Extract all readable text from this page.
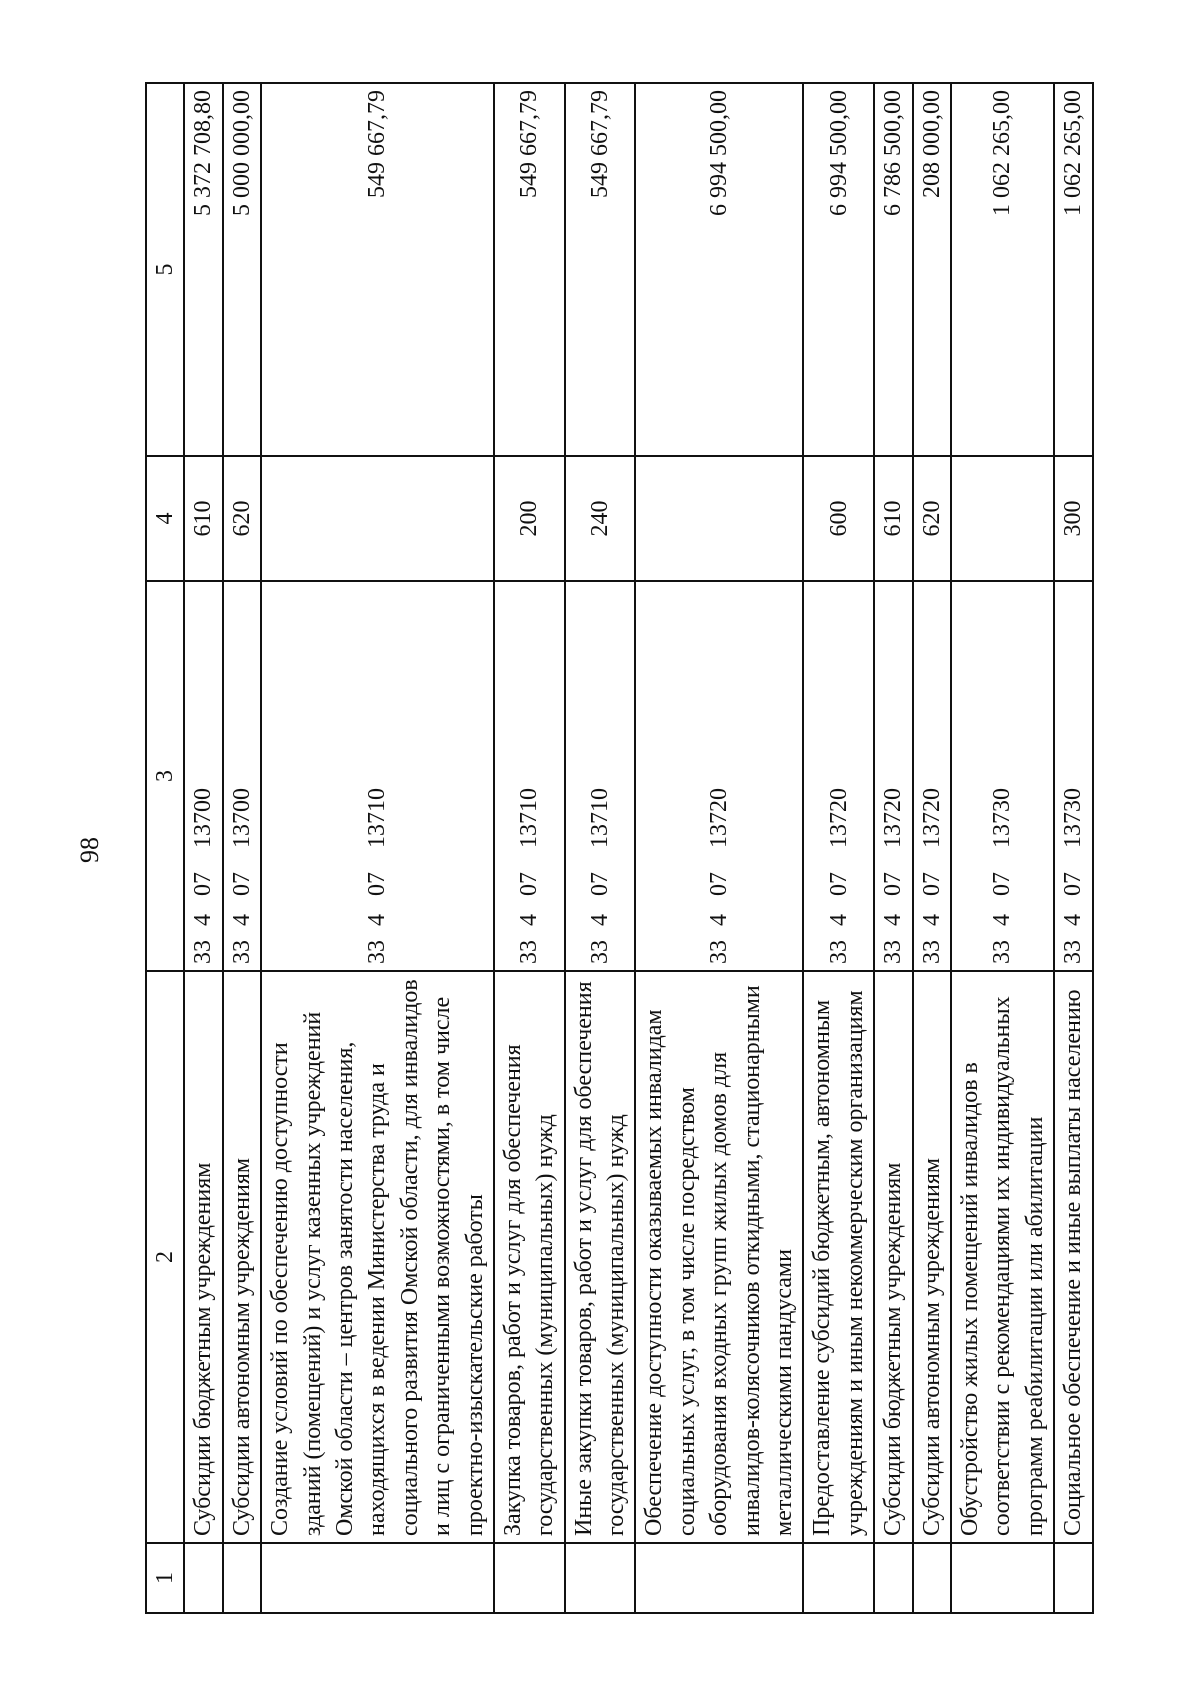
98
1	2	3	4	5
	Субсидии бюджетным учреждениям	3340713700	610	5 372 708,80
	Субсидии автономным учреждениям	3340713700	620	5 000 000,00
	Создание условий по обеспечению доступности зданий (помещений) и услуг казенных учреждений Омской области – центров занятости населения, находящихся в ведении Министерства труда и социального развития Омской области, для инвалидов и лиц с ограниченными возможностями, в том числе проектно-изыскательские работы	3340713710		549 667,79
	Закупка товаров, работ и услуг для обеспечения государственных (муниципальных) нужд	3340713710	200	549 667,79
	Иные закупки товаров, работ и услуг для обеспечения государственных (муниципальных) нужд	3340713710	240	549 667,79
	Обеспечение доступности оказываемых инвалидам социальных услуг, в том числе посредством оборудования входных групп жилых домов для инвалидов-колясочников откидными, стационарными металлическими пандусами	3340713720		6 994 500,00
	Предоставление субсидий бюджетным, автономным учреждениям и иным некоммерческим организациям	3340713720	600	6 994 500,00
	Субсидии бюджетным учреждениям	3340713720	610	6 786 500,00
	Субсидии автономным учреждениям	3340713720	620	208 000,00
	Обустройство жилых помещений инвалидов в соответствии с рекомендациями их индивидуальных программ реабилитации или абилитации	3340713730		1 062 265,00
	Социальное обеспечение и иные выплаты населению	3340713730	300	1 062 265,00
